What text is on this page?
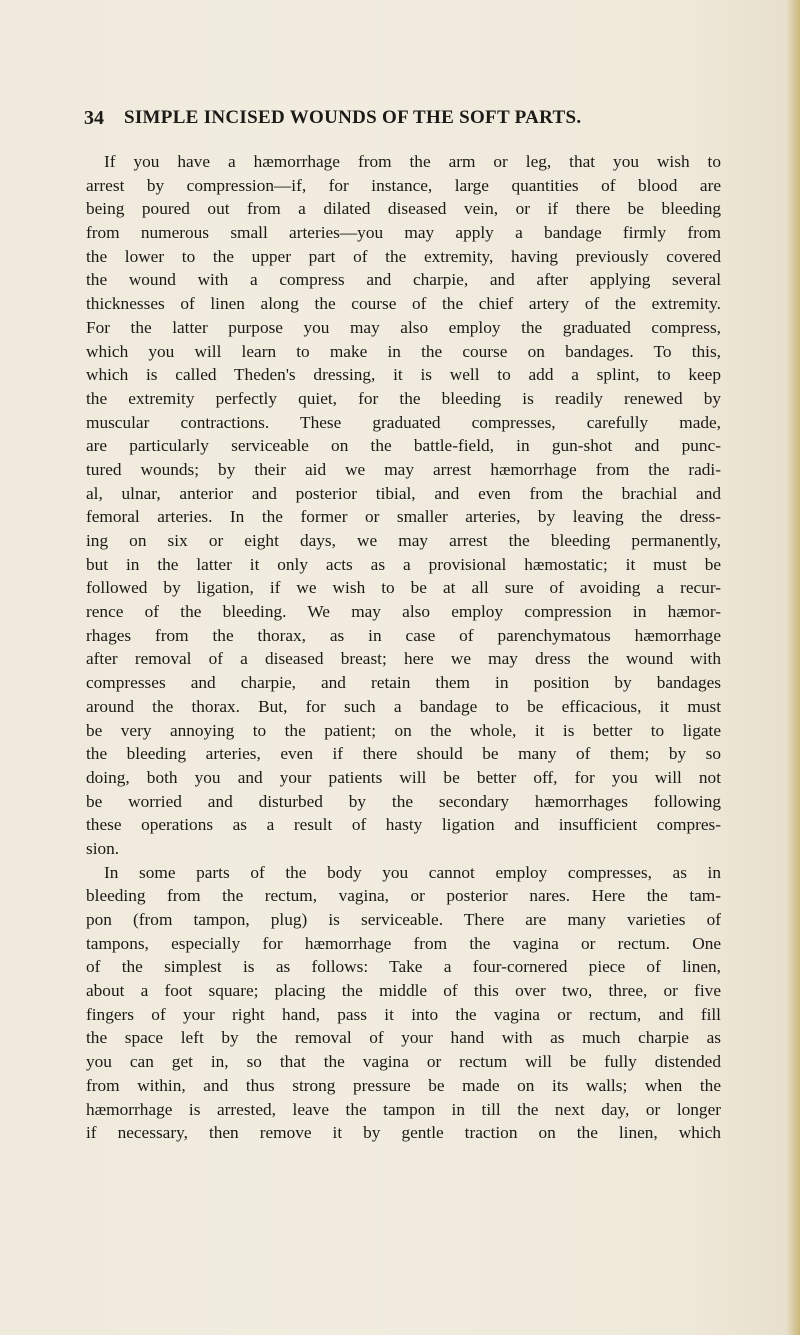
34 SIMPLE INCISED WOUNDS OF THE SOFT PARTS.
If you have a hæmorrhage from the arm or leg, that you wish to
arrest by compression—if, for instance, large quantities of blood are
being poured out from a dilated diseased vein, or if there be bleeding
from numerous small arteries—you may apply a bandage firmly from
the lower to the upper part of the extremity, having previously covered
the wound with a compress and charpie, and after applying several
thicknesses of linen along the course of the chief artery of the extremity.
For the latter purpose you may also employ the graduated compress,
which you will learn to make in the course on bandages. To this,
which is called Theden's dressing, it is well to add a splint, to keep
the extremity perfectly quiet, for the bleeding is readily renewed by
muscular contractions. These graduated compresses, carefully made,
are particularly serviceable on the battle-field, in gun-shot and punc-
tured wounds; by their aid we may arrest hæmorrhage from the radi-
al, ulnar, anterior and posterior tibial, and even from the brachial and
femoral arteries. In the former or smaller arteries, by leaving the dress-
ing on six or eight days, we may arrest the bleeding permanently,
but in the latter it only acts as a provisional hæmostatic; it must be
followed by ligation, if we wish to be at all sure of avoiding a recur-
rence of the bleeding. We may also employ compression in hæmor-
rhages from the thorax, as in case of parenchymatous hæmorrhage
after removal of a diseased breast; here we may dress the wound with
compresses and charpie, and retain them in position by bandages
around the thorax. But, for such a bandage to be efficacious, it must
be very annoying to the patient; on the whole, it is better to ligate
the bleeding arteries, even if there should be many of them; by so
doing, both you and your patients will be better off, for you will not
be worried and disturbed by the secondary hæmorrhages following
these operations as a result of hasty ligation and insufficient compres-
sion.
In some parts of the body you cannot employ compresses, as in
bleeding from the rectum, vagina, or posterior nares. Here the tam-
pon (from tampon, plug) is serviceable. There are many varieties of
tampons, especially for hæmorrhage from the vagina or rectum. One
of the simplest is as follows: Take a four-cornered piece of linen,
about a foot square; placing the middle of this over two, three, or five
fingers of your right hand, pass it into the vagina or rectum, and fill
the space left by the removal of your hand with as much charpie as
you can get in, so that the vagina or rectum will be fully distended
from within, and thus strong pressure be made on its walls; when the
hæmorrhage is arrested, leave the tampon in till the next day, or longer
if necessary, then remove it by gentle traction on the linen, which
